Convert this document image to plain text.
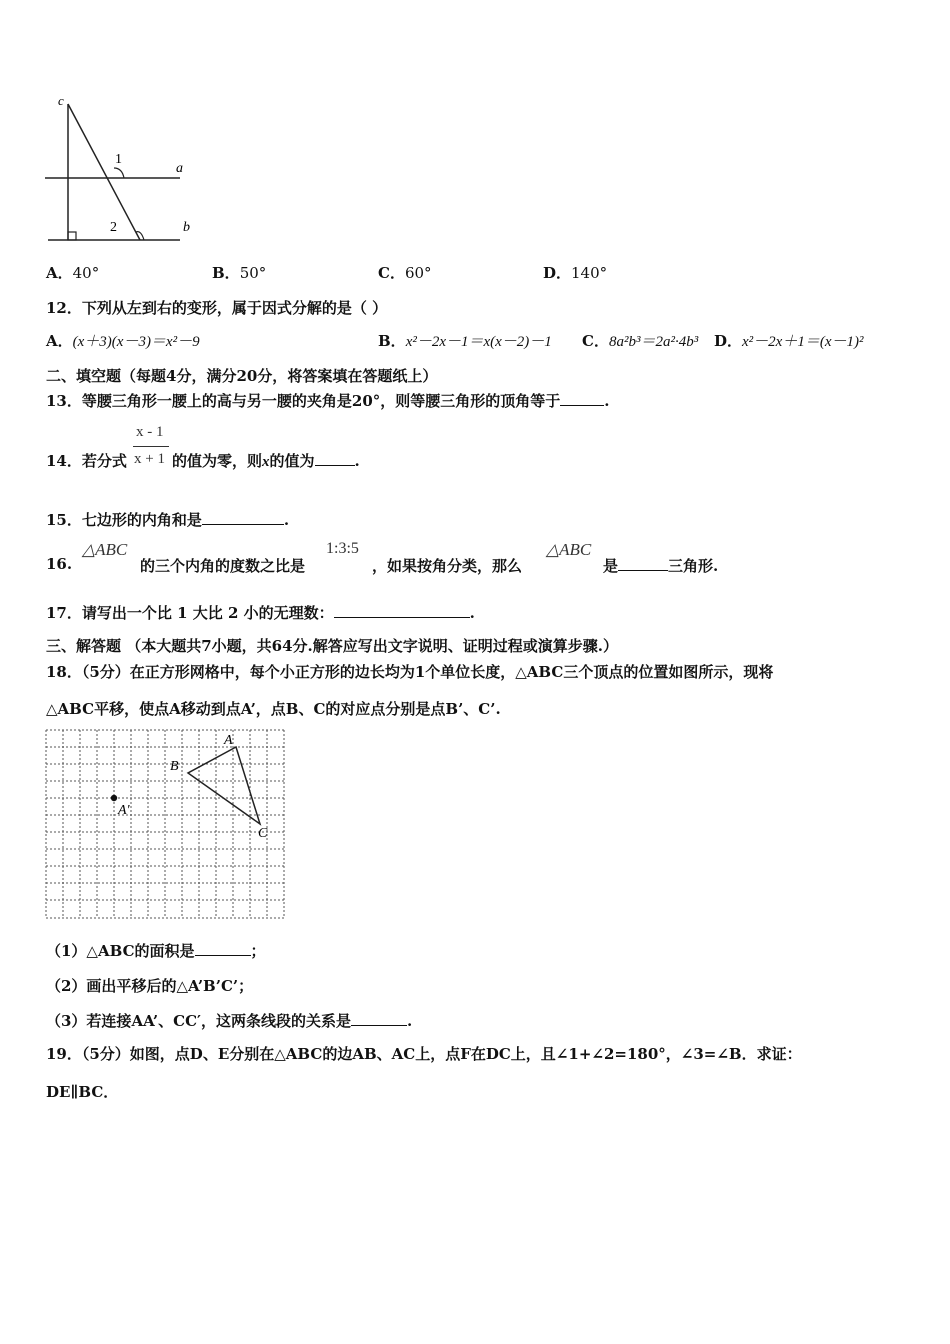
c
a
b
1
2
A．40°	B．50°	C．60°	D．140°
12．下列从左到右的变形，属于因式分解的是（ ）
A．(x＋3)(x－3)＝x²－9	B．x²－2x－1＝x(x－2)－1 C．8a²b³＝2a²·4b³ D．x²－2x＋1＝(x－1)²
二、填空题（每题4分，满分20分，将答案填在答题纸上）
13．等腰三角形一腰上的高与另一腰的夹角是20°，则等腰三角形的顶角等于	.
x - 1
x + 1
14．若分式	的值为零，则x的值为	.
15．七边形的内角和是	.
16.
△ABC
的三个内角的度数之比是
1:3:5
，如果按角分类，那么
△ABC
是	三角形.
17．请写出一个比 1 大比 2 小的无理数：	.
三、解答题 （本大题共7小题，共64分.解答应写出文字说明、证明过程或演算步骤.）
18．（5分）在正方形网格中，每个小正方形的边长均为1个单位长度，△ABC三个顶点的位置如图所示，现将
△ABC平移，使点A移动到点A’，点B、C的对应点分别是点B’、C’.
A
B
C
A'
（1）△ABC的面积是	；
（2）画出平移后的△A’B’C’；
（3）若连接AA’、CC′，这两条线段的关系是	.
19．（5分）如图，点D、E分别在△ABC的边AB、AC上，点F在DC上，且∠1+∠2=180°，∠3=∠B．求证：
DE∥BC．
